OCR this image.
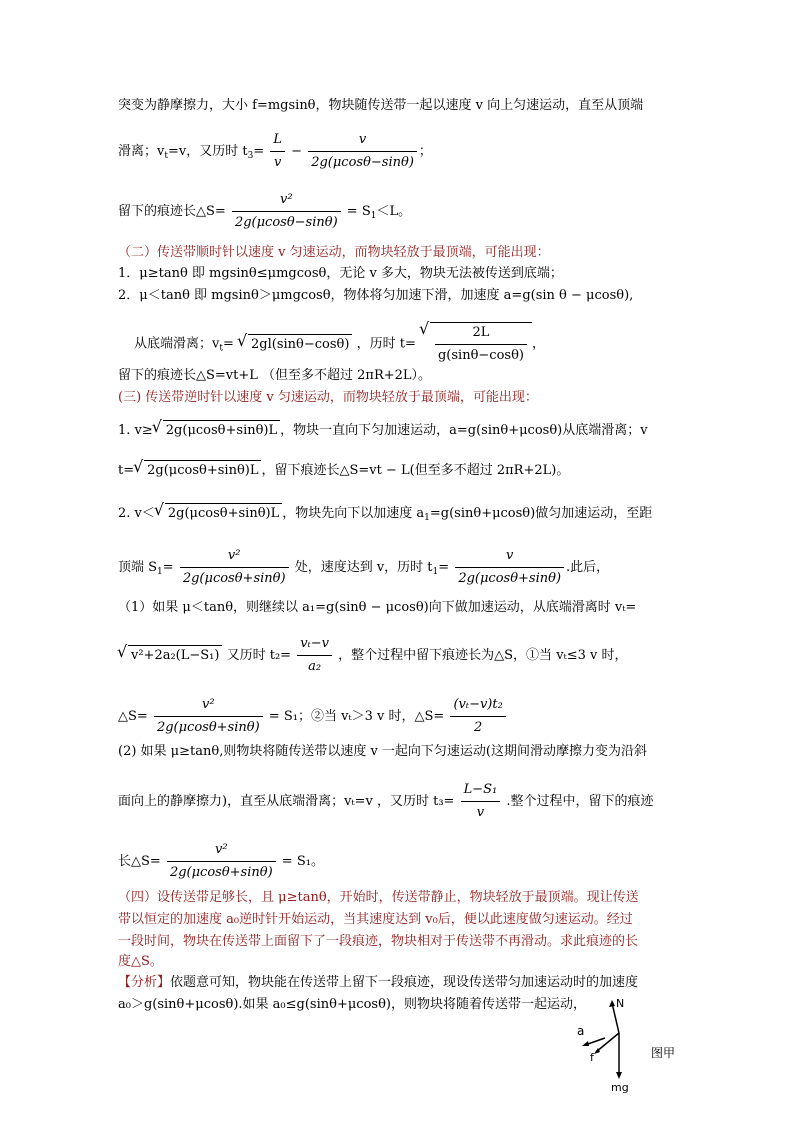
突变为静摩擦力，大小 f=mgsinθ，物块随传送带一起以速度 v 向上匀速运动，直至从顶端
滑离；$v_t=v$，又历时 $t_3= \frac{L}{v} - \frac{v}{2g(\mu\cos\theta-\sin\theta)}$ ；
留下的痕迹长△S= $\frac{\text{v²}}{2g(\mu\cos\theta-\sin\theta)} = S_1<L$。
（二）传送带顺时针以速度 v 匀速运动，而物块轻放于最顶端，可能出现：
1．μ≥tanθ 即 mgsinθ≤μmgcosθ，无论 v 多大，物块无法被传送到底端；
2．μ＜tanθ 即 mgsinθ＞μmgcosθ，物体将匀加速下滑，加速度 a=g(sin θ − μcosθ),
从底端滑离；$v_t=$ √ 2gl(sinθ−cosθ) ，历时 t= √ $\frac{2L}{g(\sin\theta-\cos\theta)}$ ，
留下的痕迹长△S=vt+L （但至多不超过 2πR+2L）。
(三) 传送带逆时针以速度 v 匀速运动，而物块轻放于最顶端，可能出现：
1. v≥ √ 2g(μcosθ+sinθ)L ，物块一直向下匀加速运动，a=g(sinθ+μcosθ)从底端滑离；v
t= √ 2g(μcosθ+sinθ)L ，留下痕迹长△S=vt − L(但至多不超过 2πR+2L)。
2. v＜ √ 2g(μcosθ+sinθ)L ，物块先向下以加速度 $a_1=g(\sin\theta+\mu\cos\theta)$做匀加速运动，至距
顶端 $S_1= \frac{\text{v²}}{2g(\mu\cos\theta+\sin\theta)}$ 处，速度达到 v，历时 $t_1= \frac{v}{2g(\mu\cos\theta+\sin\theta)}$ .此后，
（1）如果 μ＜tanθ，则继续以 a₁=g(sinθ − μcosθ)向下做加速运动，从底端滑离时 vₜ=
√ v²+2a₂(L−S₁) 又历时 $t_2= \frac{\text{vₜ−v}}{\text{a₂}}$ ，整个过程中留下痕迹长为△S，①当 vₜ≤3 v 时，
△S= $\frac{\text{v²}}{2g(\mu\cos\theta+\sin\theta)} = S_1$；②当 vₜ＞3 v 时，△S= $\frac{\text{(vₜ−v)t₂}}{2}$
(2) 如果 μ≥tanθ,则物块将随传送带以速度 v 一起向下匀速运动(这期间滑动摩擦力变为沿斜
面向上的静摩擦力)，直至从底端滑离；vₜ=v ，又历时 $t_3= \frac{\text{L−S₁}}{v}$ .整个过程中，留下的痕迹
长△S= $\frac{\text{v²}}{2g(\mu\cos\theta+\sin\theta)} = S_1$。
（四）设传送带足够长，且 μ≥tanθ，开始时，传送带静止，物块轻放于最顶端。现让传送
带以恒定的加速度 a₀逆时针开始运动，当其速度达到 v₀后，便以此速度做匀速运动。经过
一段时间，物块在传送带上面留下了一段痕迹，物块相对于传送带不再滑动。求此痕迹的长
度△S。
【分析】依题意可知，物块能在传送带上留下一段痕迹，现设传送带匀加速运动时的加速度
a₀＞g(sinθ+μcosθ).如果 a₀≤g(sinθ+μcosθ)，则物块将随着传送带一起运动，	N
a
f
mg
图甲
